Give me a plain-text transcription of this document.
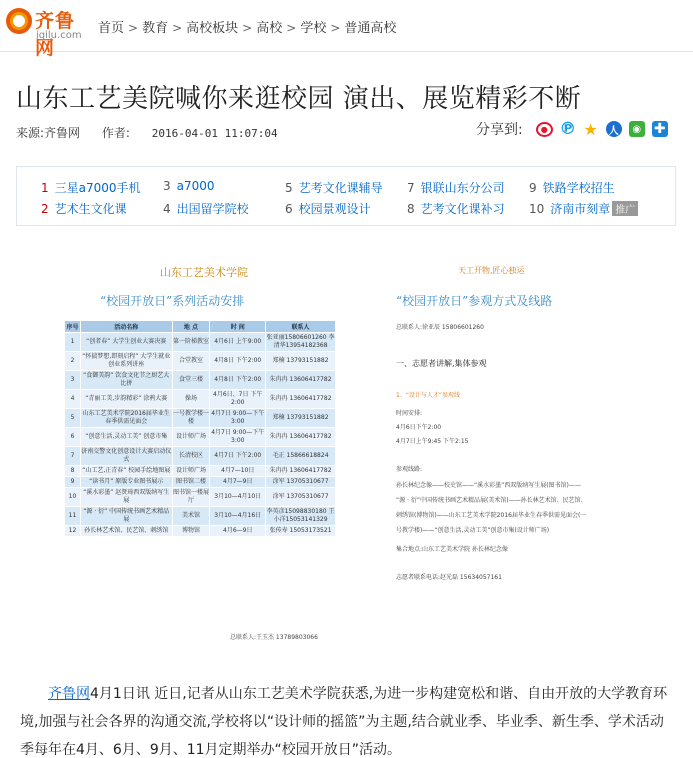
齐鲁网
iqilu.com 首页 > 教育 > 高校板块 > 高校 > 学校 > 普通高校
山东工艺美院喊你来逛校园 演出、展览精彩不断
来源:齐鲁网 作者: 2016-04-01 11:07:04	分享到: ● ℗ ★	人	◉ ✚
1 三星a7000手机
2 艺术生文化课
3 a7000
4 出国留学院校
5 艺考文化课辅导
6 校园景观设计
7 银联山东分公司
8 艺考文化课补习
9 铁路学校招生
10 济南市刻章 推广
山东工艺美术学院	天工开物,匠心独运
“校园开放日”系列活动安排	“校园开放日”参观方式及线路
序号	活动名称	地 点	时 间	联系人
1	“创者春” 大学生创业大赛决赛	第一阶梯教室	4月6日 上午9:00	张亚丽15806601260 李清华13954182368
2	“怀揣梦想,即刻启程” 大学生就业创业系列讲座	合堂教室	4月8日 下午2:00	郑楠 13793151882
3	“食御美韵” 饮食文化节之厨艺大比拼	食堂三楼	4月8日 下午2:00	朱冉冉 13606417782
4	“青丽工美,步韵精彩” 涂鸦大赛	操场	4月6日、7日 下午2:00	朱冉冉 13606417782
5	山东工艺美术学院2016届毕业生春季供需见面会	一号教学楼一楼	4月7日 9:00—下午3:00	郑楠 13793151882
6	“创意生活,灵动工美” 创意市集	设计师广场	4月7日 9:00—下午3:00	朱冉冉 13606417782
7	济南交警文化创意设计大赛启动仪式	长清校区	4月7日 下午2:00	毛正 15866618824
8	“山工艺,正青春” 校园手绘地图展	设计师广场	4月7—10日	朱冉冉 13606417782
9	“读书月” 原版专业图书展示	图书馆二楼	4月7—9日	涂军 13705310677
10	“溪水彩墨” 赵贤琦西双版纳写生展	图书馆一楼展厅	3月10—4月10日	涂军 13705310677
11	“源 · 衍” 中国传统书画艺术精品展	美术馆	3月10—4月16日	李英彦15098830180 王小洋15053141329
12	孙长林艺术馆、民艺馆、刺绣馆	博物馆	4月6—9日	张传寿 15053173521
总联系人:王玉杰 13789803066
总联系人:徐亚辰 15806601260
一、志愿者讲解,集体参观
1、“设计与人才”参观线
时间安排:
4月6日下午2:00
4月7日上午9:45 下午2:15
参观线路:
孙长林纪念像——校史馆——“溪水彩墨”西双版纳写生展(图书馆)——
“源 · 衍”中国传统书画艺术精品展(美术馆)——孙长林艺术馆、民艺馆、
刺绣馆(博物馆)——山东工艺美术学院2016届毕业生春季供需见面会(一
号教学楼)——“创意生活,灵动工美”创意市集(设计师广场)
集合地点:山东工艺美术学院 孙长林纪念像
志愿者联系电话:赵光磊 15634057161

齐鲁网4月1日讯 近日,记者从山东工艺美术学院获悉,为进一步构建宽松和谐、自由开放的大学教育环境,加强与社会各界的沟通交流,学校将以“设计师的摇篮”为主题,结合就业季、毕业季、新生季、学术活动季每年在4月、6月、9月、11月定期举办“校园开放日”活动。
